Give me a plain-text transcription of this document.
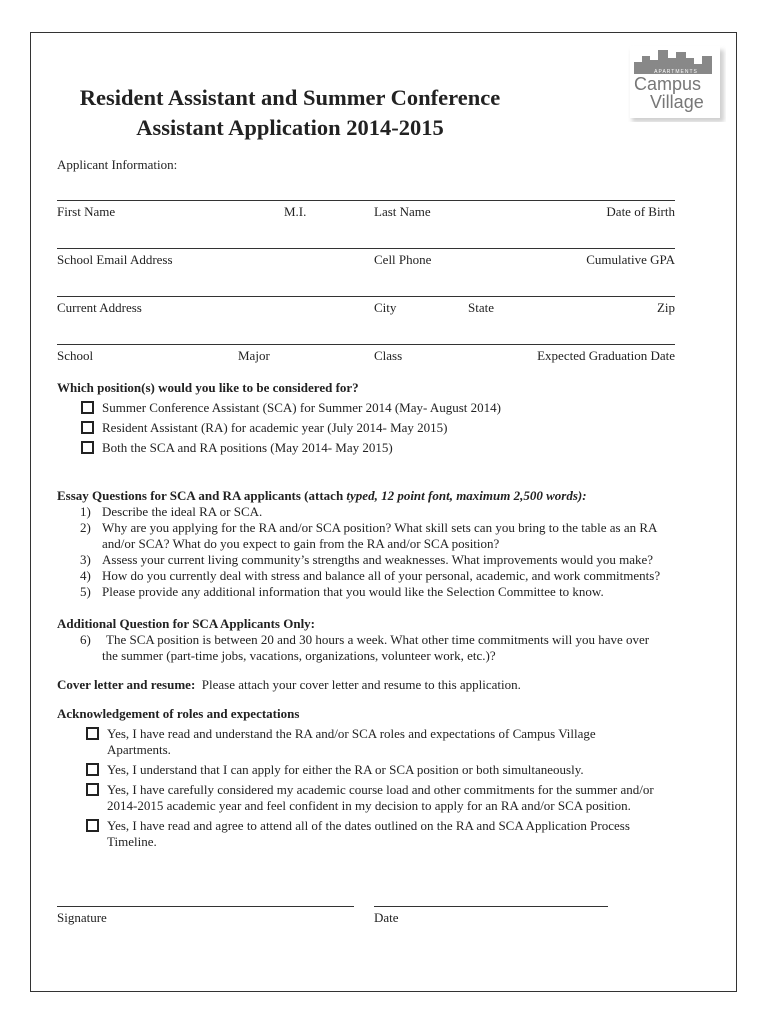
APARTMENTS
Campus
Village
Resident Assistant and Summer Conference
Assistant Application 2014-2015
Applicant Information:
First Name	M.I.	Last Name	Date of Birth
School Email Address	Cell Phone	Cumulative GPA
Current Address	City	State	Zip
School	Major	Class	Expected Graduation Date
Which position(s) would you like to be considered for?
Summer Conference Assistant (SCA) for Summer 2014 (May- August 2014)
Resident Assistant (RA) for academic year (July 2014- May 2015)
Both the SCA and RA positions (May 2014- May 2015)
Essay Questions for SCA and RA applicants (attach typed, 12 point font, maximum 2,500 words):
1) Describe the ideal RA or SCA.
2) Why are you applying for the RA and/or SCA position? What skill sets can you bring to the table as an RA
and/or SCA? What do you expect to gain from the RA and/or SCA position?
3) Assess your current living community’s strengths and weaknesses. What improvements would you make?
4) How do you currently deal with stress and balance all of your personal, academic, and work commitments?
5) Please provide any additional information that you would like the Selection Committee to know.
Additional Question for SCA Applicants Only:
6) The SCA position is between 20 and 30 hours a week. What other time commitments will you have over
the summer (part-time jobs, vacations, organizations, volunteer work, etc.)?
Cover letter and resume: Please attach your cover letter and resume to this application.
Acknowledgement of roles and expectations
Yes, I have read and understand the RA and/or SCA roles and expectations of Campus Village
Apartments.
Yes, I understand that I can apply for either the RA or SCA position or both simultaneously.
Yes, I have carefully considered my academic course load and other commitments for the summer and/or
2014-2015 academic year and feel confident in my decision to apply for an RA and/or SCA position.
Yes, I have read and agree to attend all of the dates outlined on the RA and SCA Application Process
Timeline.
Signature	Date
